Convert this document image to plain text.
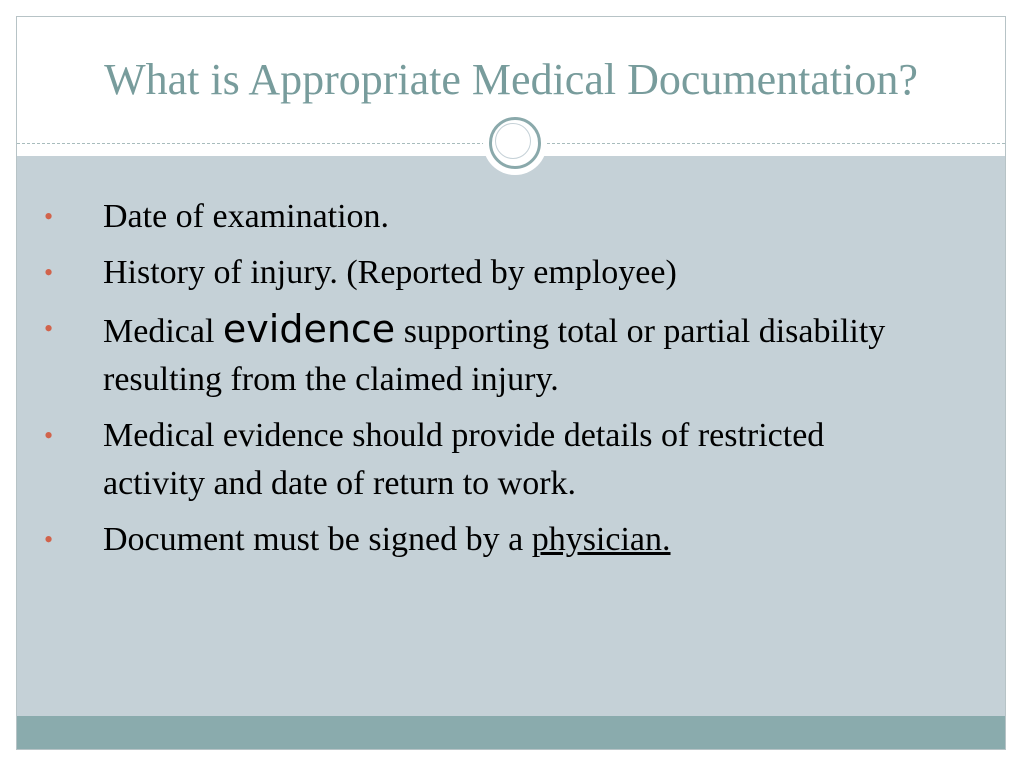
What is Appropriate Medical Documentation?
• Date of examination.
• History of injury. (Reported by employee)
• Medical evidence supporting total or partial disability resulting from the claimed injury.
• Medical evidence should provide details of restricted activity and date of return to work.
• Document must be signed by a physician.
